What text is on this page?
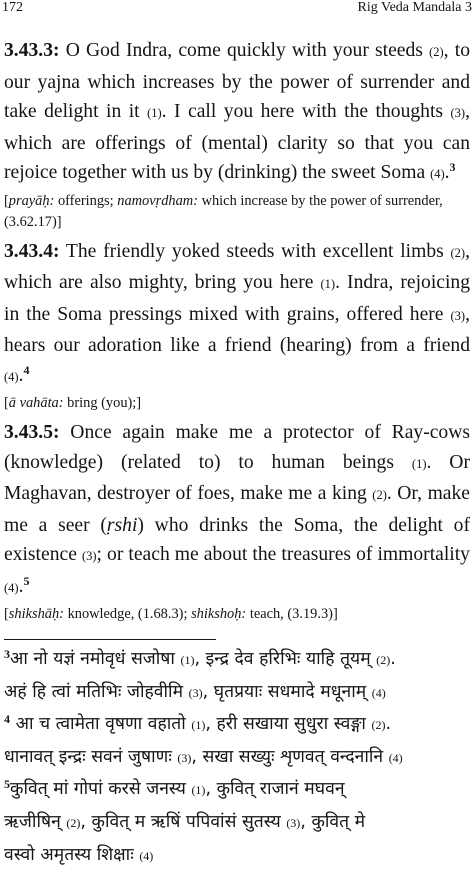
172	Rig Veda Mandala 3

3.43.3: O God Indra, come quickly with your steeds (2), to our yajna which increases by the power of surrender and take delight in it (1). I call you here with the thoughts (3), which are offerings of (mental) clarity so that you can rejoice together with us by (drinking) the sweet Soma (4).$^3$

[prayāḥ: offerings; namovṛdham: which increase by the power of surrender, (3.62.17)]

3.43.4: The friendly yoked steeds with excellent limbs (2), which are also mighty, bring you here (1). Indra, rejoicing in the Soma pressings mixed with grains, offered here (3), hears our adoration like a friend (hearing) from a friend (4).$^4$

[ā vahāta: bring (you);]

3.43.5: Once again make me a protector of Ray-cows (knowledge) (related to) to human beings (1). Or Maghavan, destroyer of foes, make me a king (2). Or, make me a seer (ṛshi) who drinks the Soma, the delight of existence (3); or teach me about the treasures of immortality (4).$^5$

[shikshāḥ: knowledge, (1.68.3); shikshoḥ: teach, (3.19.3)]

$^3$आ नो यज्ञं नमोवृधं सजोषा (1), इन्द्र देव हरिभिः याहि तूयम् (2).

अहं हि त्वां मतिभिः जोहवीमि (3), घृतप्रयाः सधमादे मधूनाम् (4)

$^4$ आ च त्वामेता वृषणा वहातो (1), हरी सखाया सुधुरा स्वङ्गा (2).

धानावत् इन्द्रः सवनं जुषाणः (3), सखा सख्युः शृणवत् वन्दनानि (4)

$^5$कुवित् मां गोपां करसे जनस्य (1), कुवित् राजानं मघवन्

ऋजीषिन् (2), कुवित् म ऋषिं पपिवांसं सुतस्य (3), कुवित् मे

वस्वो अमृतस्य शिक्षाः (4)
